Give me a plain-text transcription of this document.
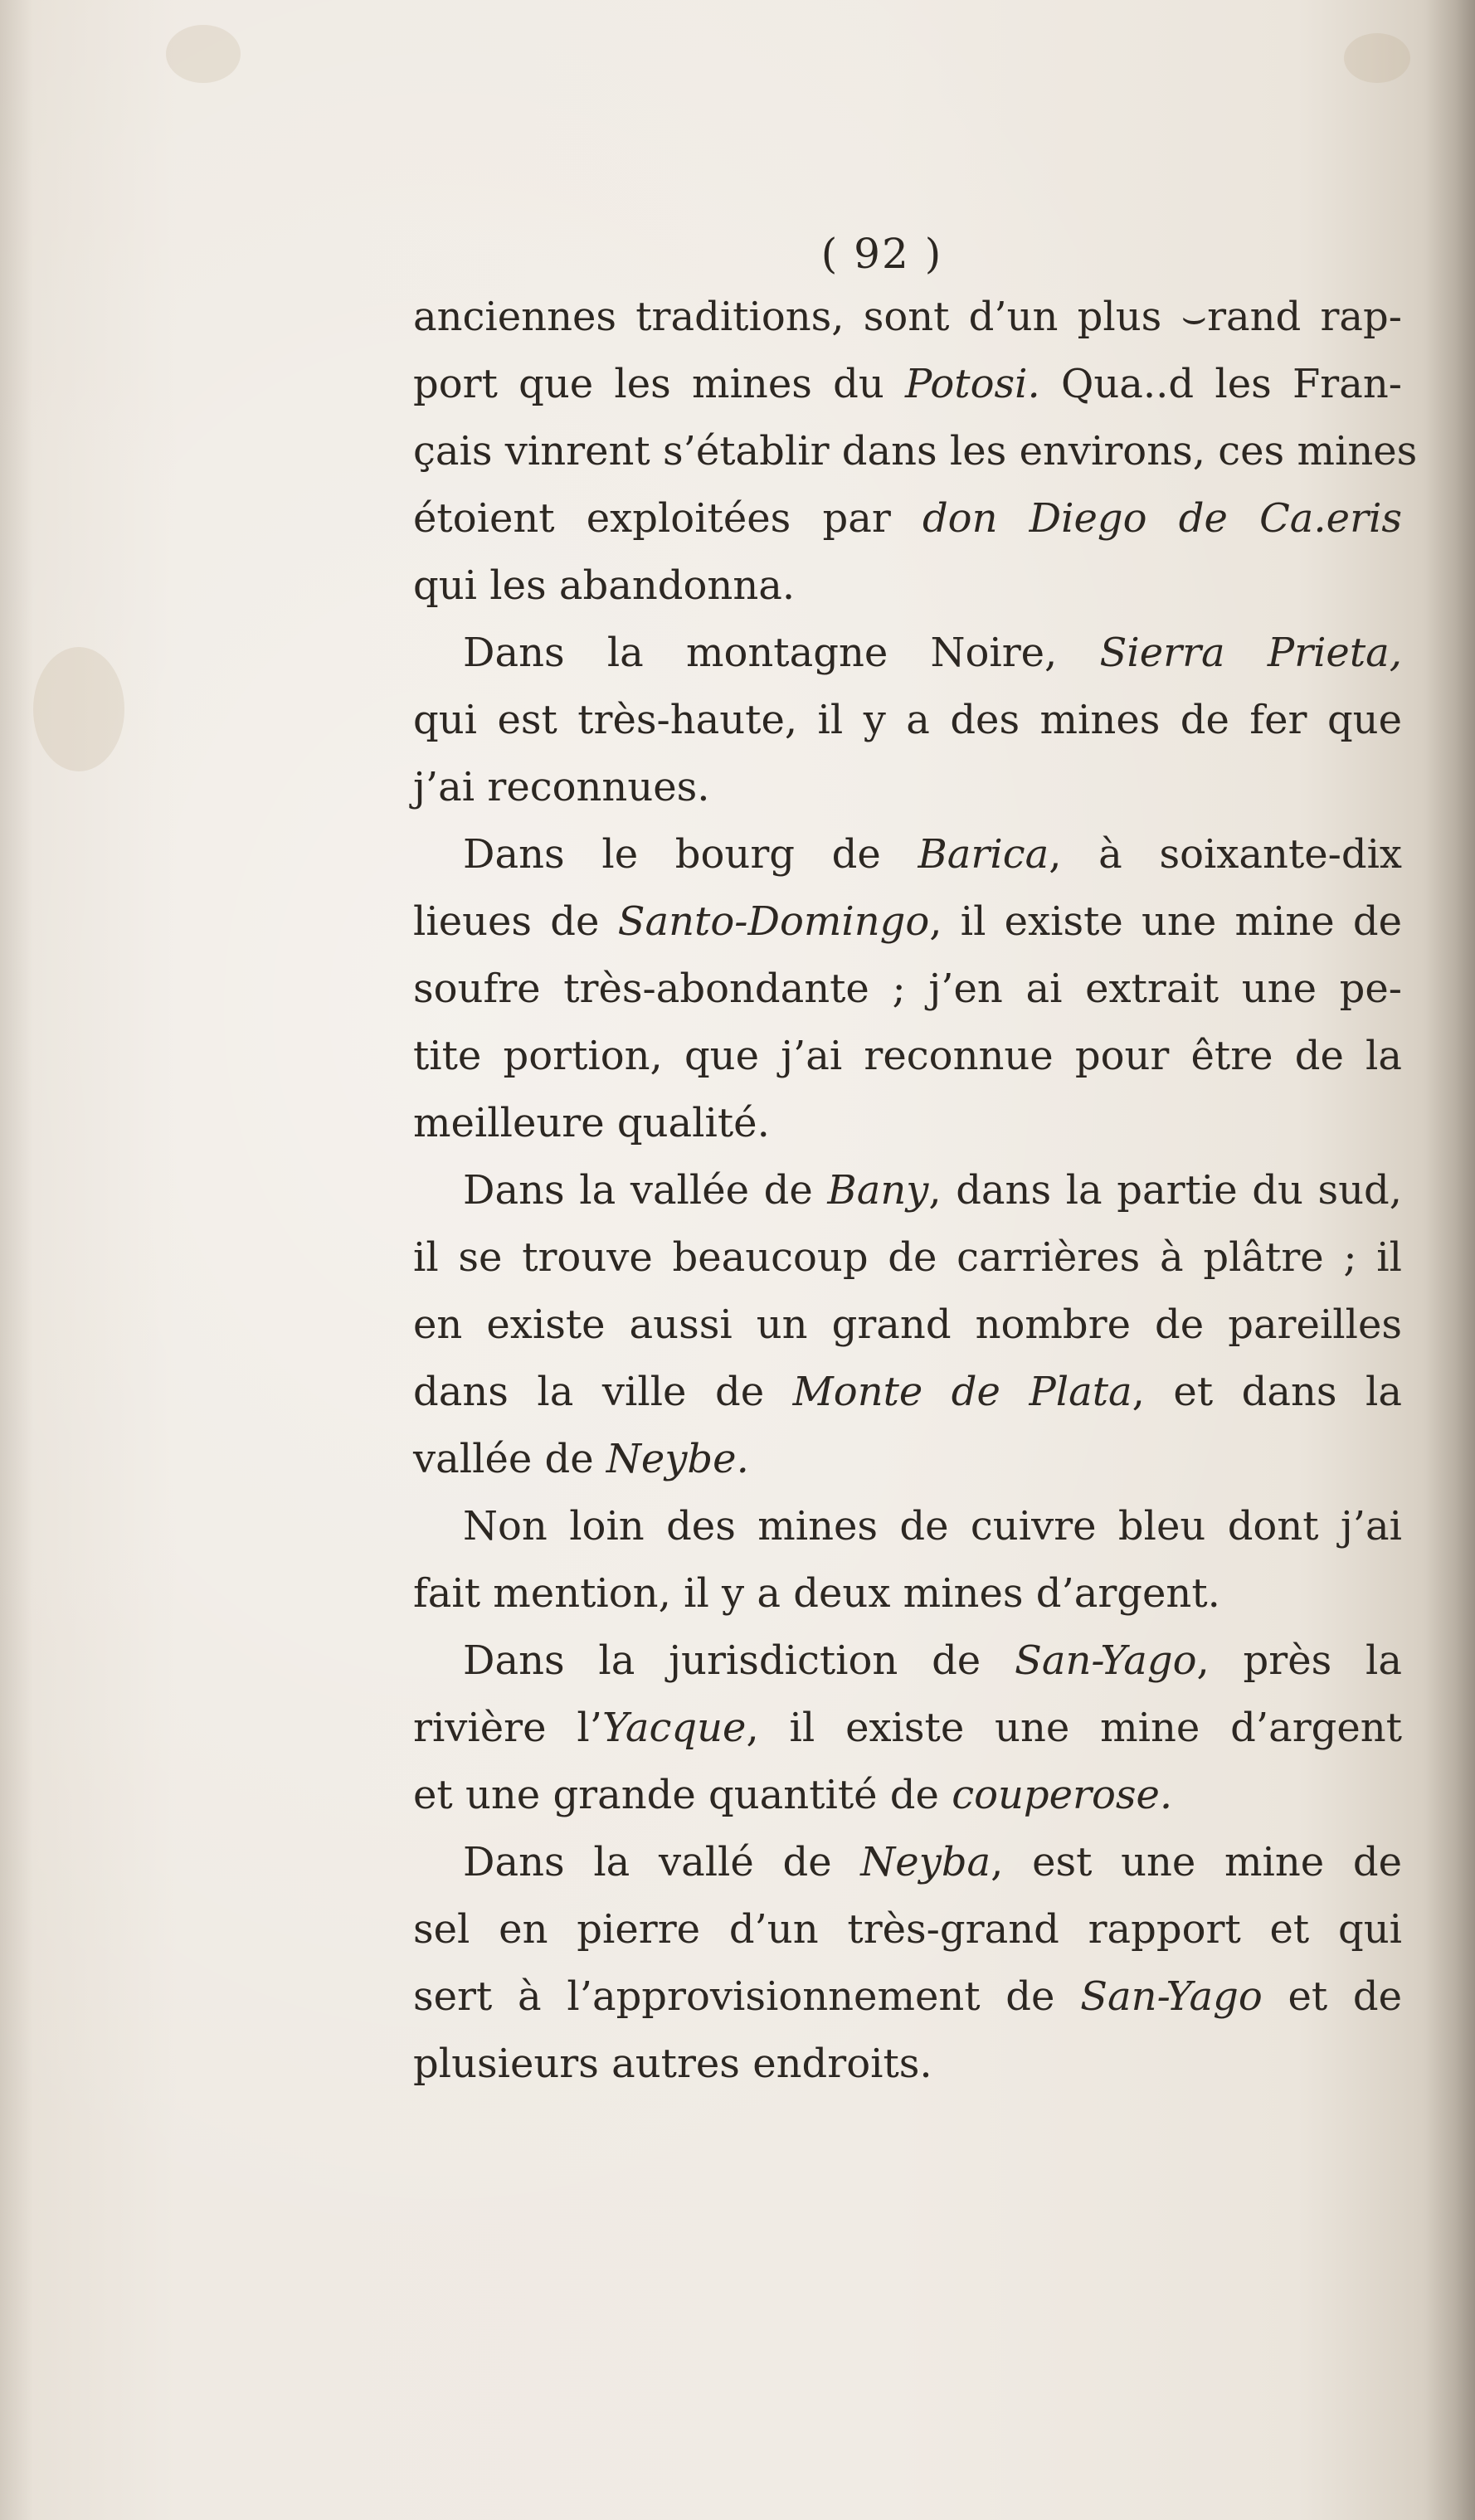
( 92 )
anciennes traditions, sont d’un plus ⌣rand rap-
port que les mines du Potosi. Qua..d les Fran-
çais vinrent s’établir dans les environs, ces mines
étoient exploitées par don Diego de Ca.eris
qui les abandonna.
Dans la montagne Noire, Sierra Prieta,
qui est très-haute, il y a des mines de fer que
j’ai reconnues.
Dans le bourg de Barica, à soixante-dix
lieues de Santo-Domingo, il existe une mine de
soufre très-abondante ; j’en ai extrait une pe-
tite portion, que j’ai reconnue pour être de la
meilleure qualité.
Dans la vallée de Bany, dans la partie du sud,
il se trouve beaucoup de carrières à plâtre ; il
en existe aussi un grand nombre de pareilles
dans la ville de Monte de Plata, et dans la
vallée de Neybe.
Non loin des mines de cuivre bleu dont j’ai
fait mention, il y a deux mines d’argent.
Dans la jurisdiction de San-Yago, près la
rivière l’Yacque, il existe une mine d’argent
et une grande quantité de couperose.
Dans la vallé de Neyba, est une mine de
sel en pierre d’un très-grand rapport et qui
sert à l’approvisionnement de San-Yago et de
plusieurs autres endroits.
